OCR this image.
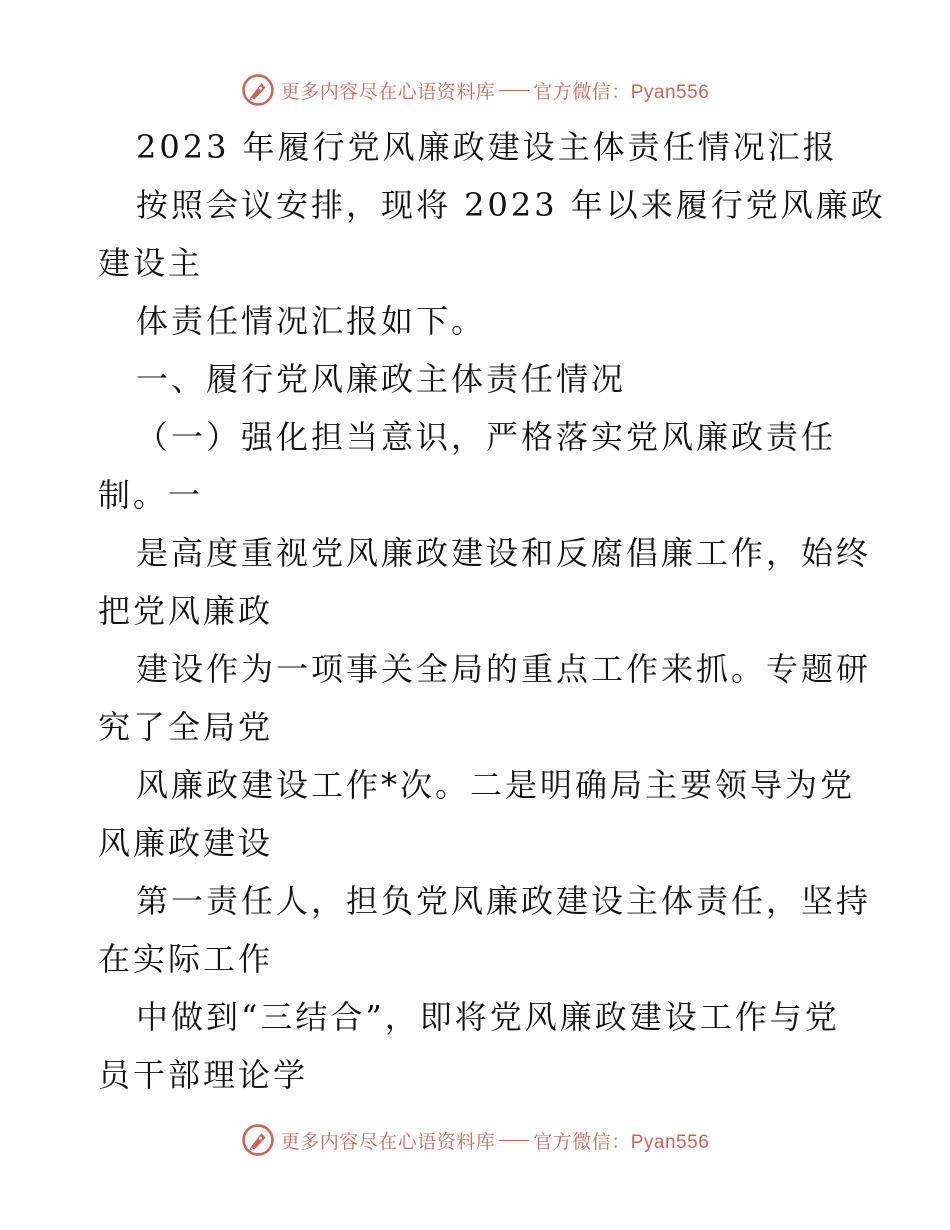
更多内容尽在心语资料库 官方微信：Pyan556
2023 年履行党风廉政建设主体责任情况汇报
按照会议安排，现将 2023 年以来履行党风廉政
建设主
体责任情况汇报如下。
一、履行党风廉政主体责任情况
（一）强化担当意识，严格落实党风廉政责任
制。一
是高度重视党风廉政建设和反腐倡廉工作，始终
把党风廉政
建设作为一项事关全局的重点工作来抓。专题研
究了全局党
风廉政建设工作*次。二是明确局主要领导为党
风廉政建设
第一责任人，担负党风廉政建设主体责任，坚持
在实际工作
中做到“三结合”，即将党风廉政建设工作与党
员干部理论学
更多内容尽在心语资料库 官方微信：Pyan556
